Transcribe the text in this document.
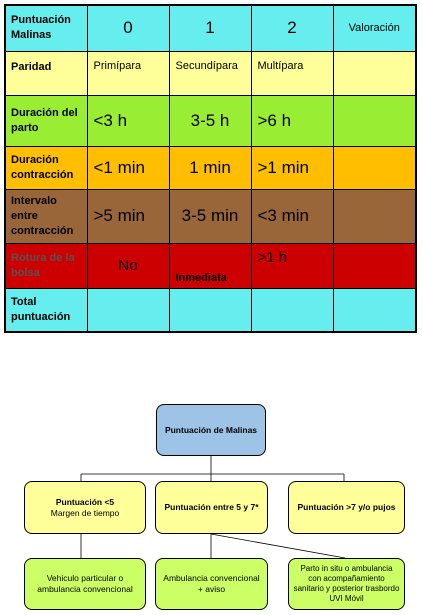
Puntuación Malinas	0	1	2	Valoración
Paridad	Primípara	Secundípara	Multípara	
Duración del parto	<3 h	3-5 h	>6 h	
Duración contracción	<1 min	1 min	>1 min	
Intervalo entre contracción	>5 min	3-5 min	<3 min	
Rotura de la bolsa	No	Inmediata	>1 h	
Total puntuación				
Puntuación de Malinas
Puntuación <5
Margen de tiempo
Puntuación entre 5 y 7*	Puntuación >7 y/o pujos
Vehiculo particular o ambulancia convencional
Ambulancia convencional + aviso
Parto in situ o ambulancia con acompañamiento sanitario y posterior trasbordo UVI Móvil
